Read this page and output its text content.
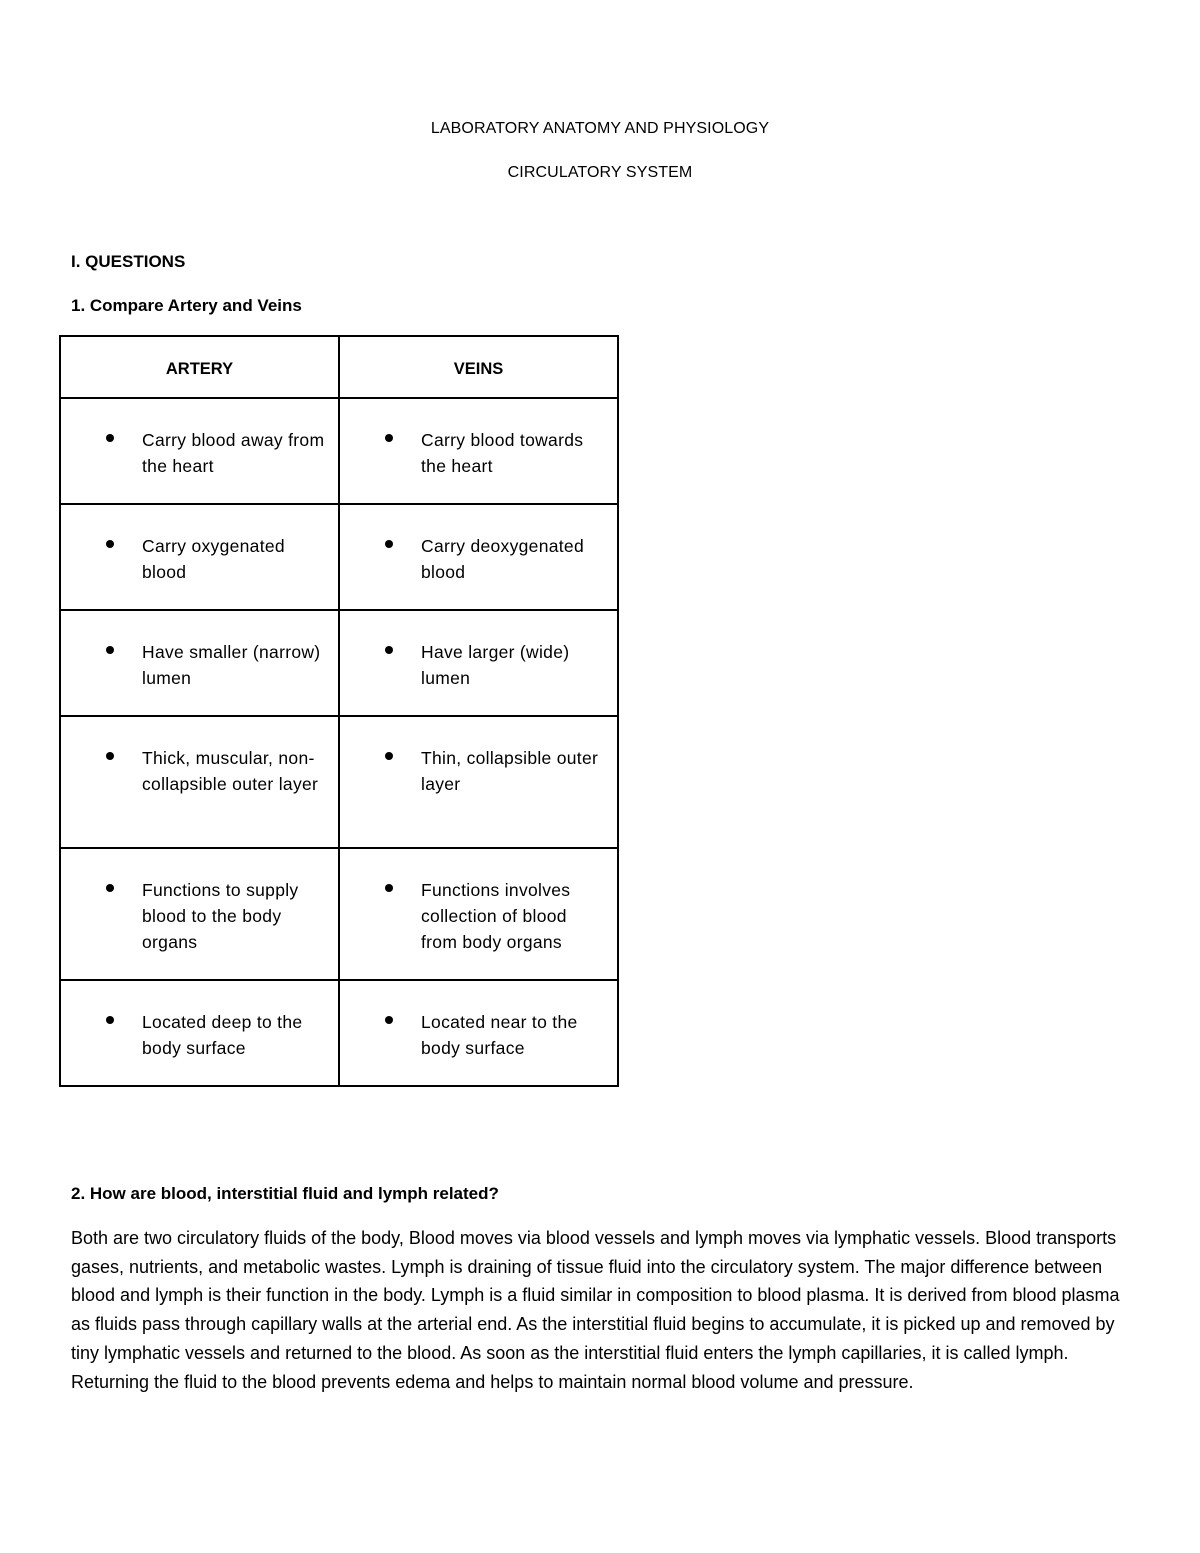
LABORATORY ANATOMY AND PHYSIOLOGY
CIRCULATORY SYSTEM
I. QUESTIONS
1. Compare Artery and Veins
ARTERY	VEINS

Carry blood away from the heart	Carry blood towards the heart

Carry oxygenated blood	Carry deoxygenated blood

Have smaller (narrow) lumen	Have larger (wide) lumen

Thick, muscular, non-collapsible outer layer	Thin, collapsible outer layer

Functions to supply blood to the body organs	Functions involves collection of blood from body organs

Located deep to the body surface	Located near to the body surface
2. How are blood, interstitial fluid and lymph related?

Both are two circulatory fluids of the body, Blood moves via blood vessels and lymph moves via lymphatic vessels. Blood transports gases, nutrients, and metabolic wastes. Lymph is draining of tissue fluid into the circulatory system. The major difference between blood and lymph is their function in the body. Lymph is a fluid similar in composition to blood plasma. It is derived from blood plasma as fluids pass through capillary walls at the arterial end. As the interstitial fluid begins to accumulate, it is picked up and removed by tiny lymphatic vessels and returned to the blood. As soon as the interstitial fluid enters the lymph capillaries, it is called lymph. Returning the fluid to the blood prevents edema and helps to maintain normal blood volume and pressure.
